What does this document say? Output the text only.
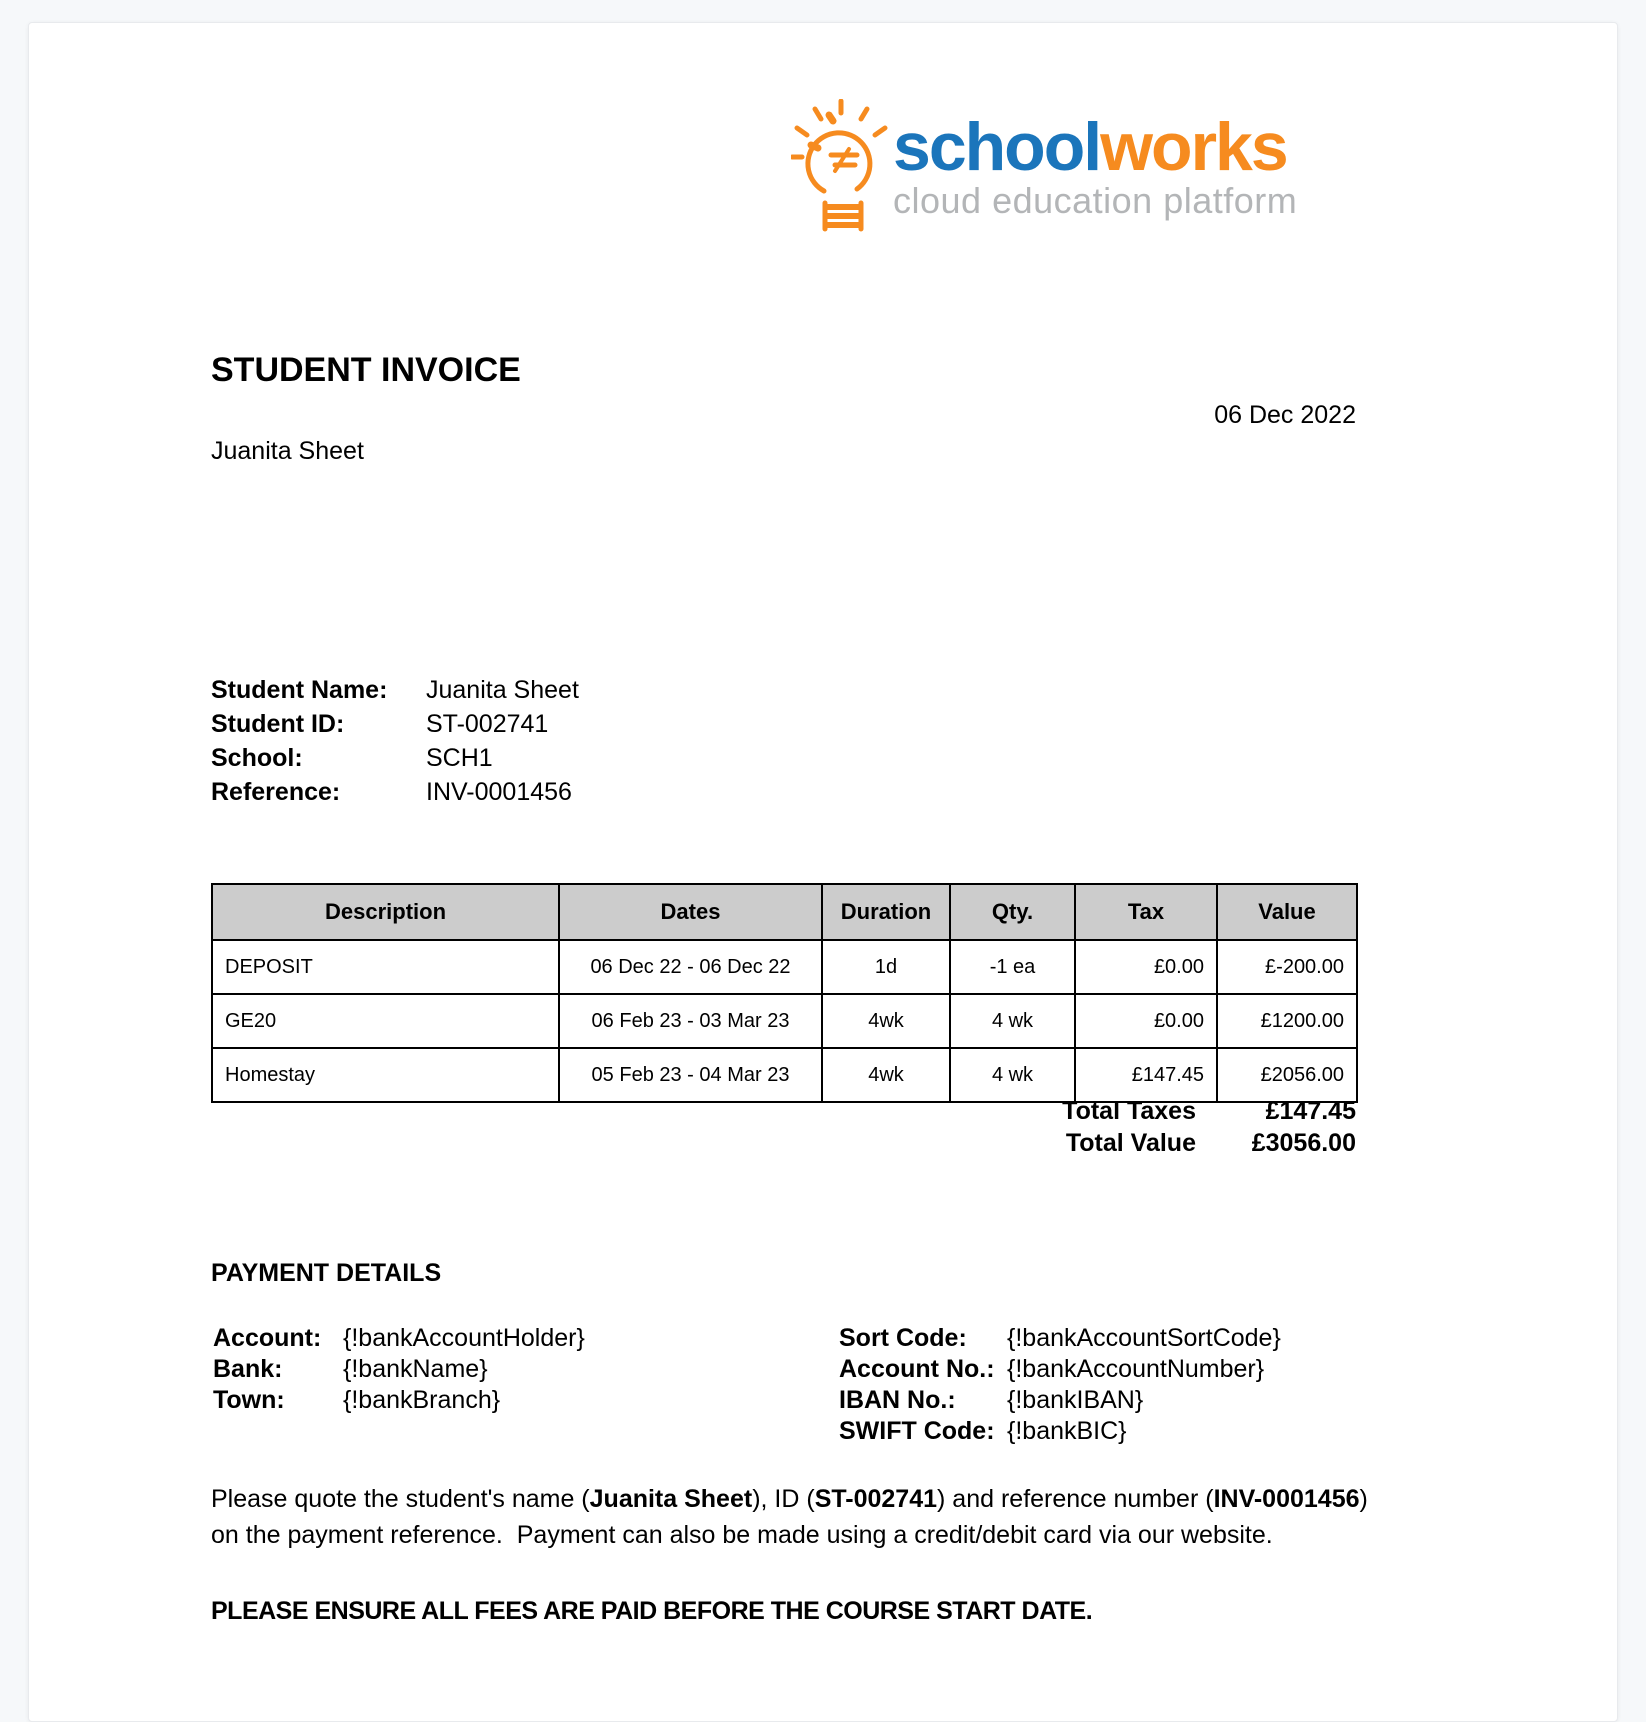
schoolworks
cloud education platform
STUDENT INVOICE
06 Dec 2022
Juanita Sheet
Student Name:	Juanita Sheet
Student ID:	ST-002741
School:	SCH1
Reference:	INV-0001456
Description	Dates	Duration	Qty.	Tax	Value
DEPOSIT	06 Dec 22 - 06 Dec 22	1d	-1 ea	£0.00	£-200.00
GE20	06 Feb 23 - 03 Mar 23	4wk	4 wk	£0.00	£1200.00
Homestay	05 Feb 23 - 04 Mar 23	4wk	4 wk	£147.45	£2056.00
Total Taxes	£147.45
Total Value	£3056.00
PAYMENT DETAILS
Account: {!bankAccountHolder}
Bank:	{!bankName}
Town:	{!bankBranch}
Sort Code:	{!bankAccountSortCode}
Account No.: {!bankAccountNumber}
IBAN No.:	{!bankIBAN}
SWIFT Code: {!bankBIC}
Please quote the student's name (Juanita Sheet), ID (ST-002741) and reference number (INV-0001456) on the payment reference.  Payment can also be made using a credit/debit card via our website.
PLEASE ENSURE ALL FEES ARE PAID BEFORE THE COURSE START DATE.
